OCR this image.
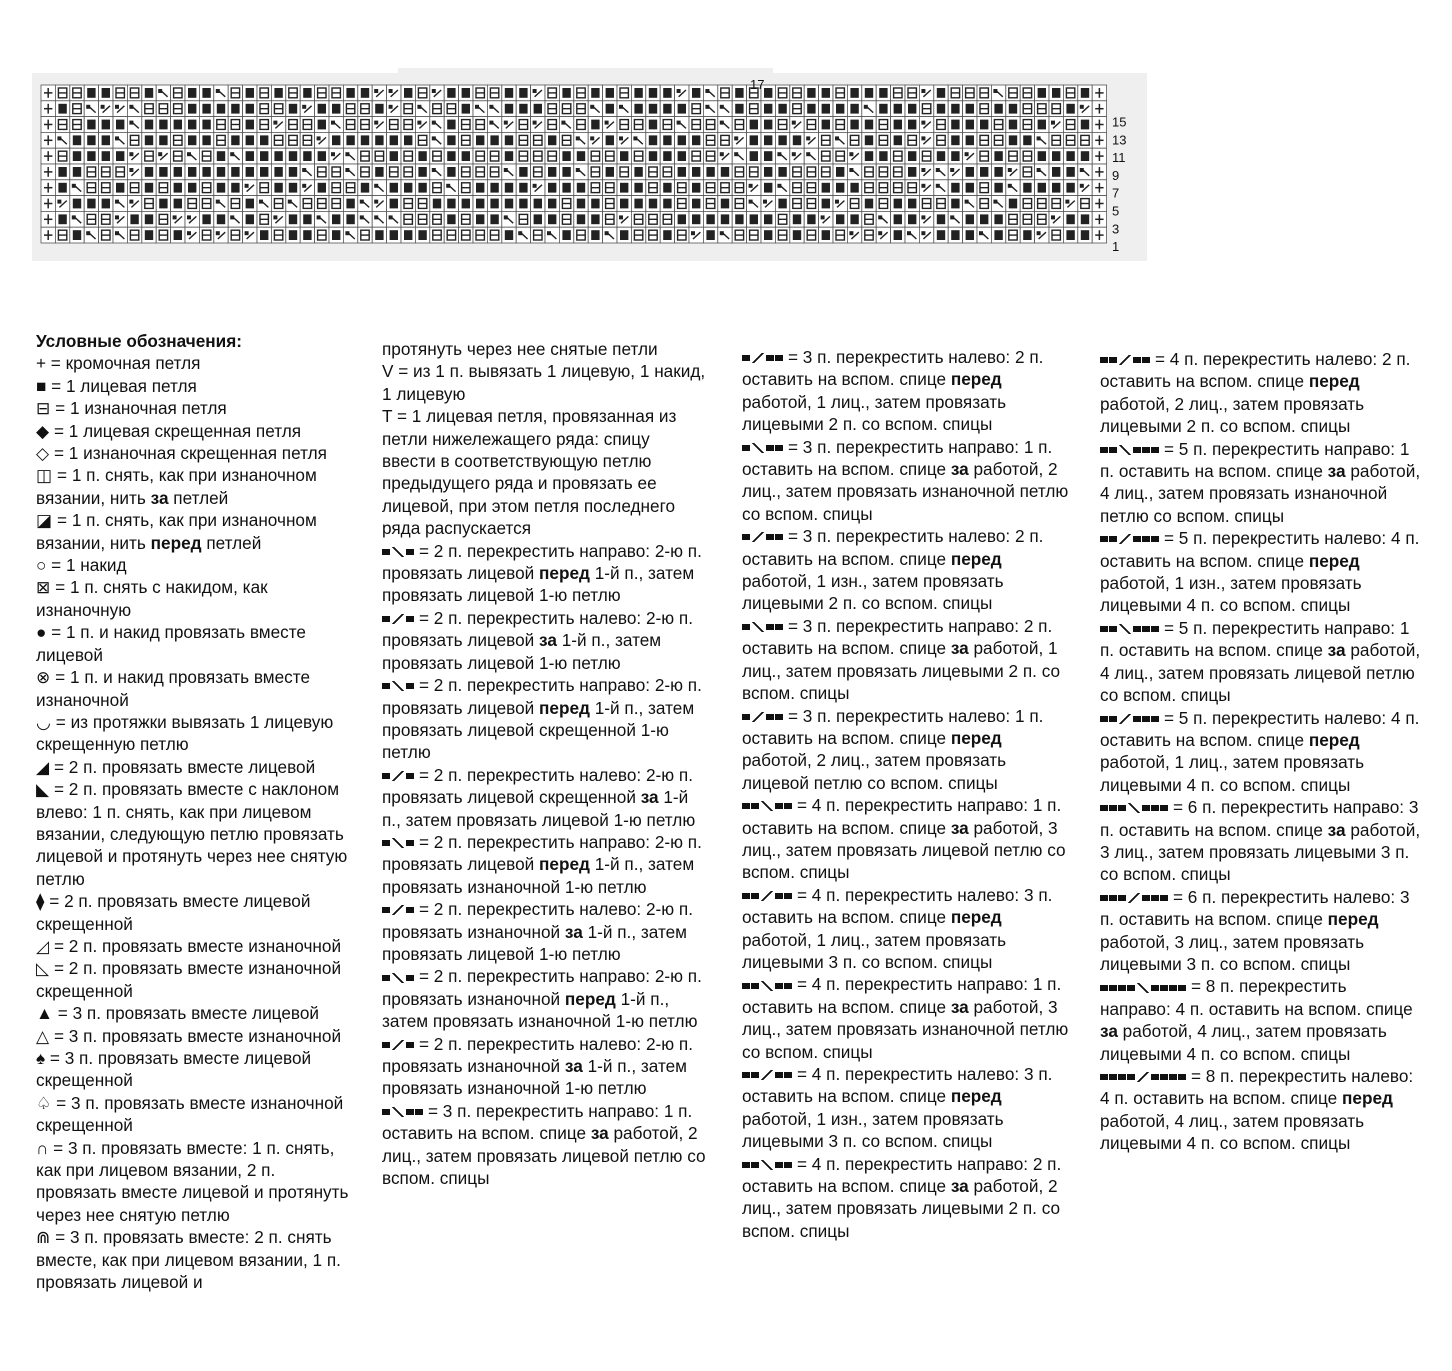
1
3
5
7
9
11
13
15
17
Условные обозначения:
+ = кромочная петля
■ = 1 лицевая петля
⊟ = 1 изнаночная петля
◆ = 1 лицевая скрещенная петля
◇ = 1 изнаночная скрещенная петля
◫ = 1 п. снять, как при изнаночном вязании, нить за петлей
◪ = 1 п. снять, как при изнаночном вязании, нить перед петлей
○ = 1 накид
⊠ = 1 п. снять с накидом, как изнаночную
● = 1 п. и накид провязать вместе лицевой
⊗ = 1 п. и накид провязать вместе изнаночной
◡ = из протяжки вывязать 1 лицевую скрещенную петлю
◢ = 2 п. провязать вместе лицевой
◣ = 2 п. провязать вместе с наклоном влево: 1 п. снять, как при лицевом вязании, следующую петлю провязать лицевой и протянуть через нее снятую петлю
⧫ = 2 п. провязать вместе лицевой скрещенной
◿ = 2 п. провязать вместе изнаночной
◺ = 2 п. провязать вместе изнаночной скрещенной
▲ = 3 п. провязать вместе лицевой
△ = 3 п. провязать вместе изнаночной
♠ = 3 п. провязать вместе лицевой скрещенной
♤ = 3 п. провязать вместе изнаночной скрещенной
∩ = 3 п. провязать вместе: 1 п. снять, как при лицевом вязании, 2 п. провязать вместе лицевой и протянуть через нее снятую петлю
⋒ = 3 п. провязать вместе: 2 п. снять вместе, как при лицевом вязании, 1 п. провязать лицевой и
протянуть через нее снятые петли
V = из 1 п. вывязать 1 лицевую, 1 накид, 1 лицевую
T = 1 лицевая петля, провязанная из петли нижележащего ряда: спицу ввести в соответствующую петлю предыдущего ряда и провязать ее лицевой, при этом петля последнего ряда распускается
= 2 п. перекрестить направо: 2-ю п. провязать лицевой перед 1-й п., затем провязать лицевой 1-ю петлю
= 2 п. перекрестить налево: 2-ю п. провязать лицевой за 1-й п., затем провязать лицевой 1-ю петлю
= 2 п. перекрестить направо: 2-ю п. провязать лицевой перед 1-й п., затем провязать лицевой скрещенной 1-ю петлю
= 2 п. перекрестить налево: 2-ю п. провязать лицевой скрещенной за 1-й п., затем провязать лицевой 1-ю петлю
= 2 п. перекрестить направо: 2-ю п. провязать лицевой перед 1-й п., затем провязать изнаночной 1-ю петлю
= 2 п. перекрестить налево: 2-ю п. провязать изнаночной за 1-й п., затем провязать лицевой 1-ю петлю
= 2 п. перекрестить направо: 2-ю п. провязать изнаночной перед 1-й п., затем провязать изнаночной 1-ю петлю
= 2 п. перекрестить налево: 2-ю п. провязать изнаночной за 1-й п., затем провязать изнаночной 1-ю петлю
= 3 п. перекрестить направо: 1 п. оставить на вспом. спице за работой, 2 лиц., затем провязать лицевой петлю со вспом. спицы
= 3 п. перекрестить налево: 2 п. оставить на вспом. спице перед работой, 1 лиц., затем провязать лицевыми 2 п. со вспом. спицы
= 3 п. перекрестить направо: 1 п. оставить на вспом. спице за работой, 2 лиц., затем провязать изнаночной петлю со вспом. спицы
= 3 п. перекрестить налево: 2 п. оставить на вспом. спице перед работой, 1 изн., затем провязать лицевыми 2 п. со вспом. спицы
= 3 п. перекрестить направо: 2 п. оставить на вспом. спице за работой, 1 лиц., затем провязать лицевыми 2 п. со вспом. спицы
= 3 п. перекрестить налево: 1 п. оставить на вспом. спице перед работой, 2 лиц., затем провязать лицевой петлю со вспом. спицы
= 4 п. перекрестить направо: 1 п. оставить на вспом. спице за работой, 3 лиц., затем провязать лицевой петлю со вспом. спицы
= 4 п. перекрестить налево: 3 п. оставить на вспом. спице перед работой, 1 лиц., затем провязать лицевыми 3 п. со вспом. спицы
= 4 п. перекрестить направо: 1 п. оставить на вспом. спице за работой, 3 лиц., затем провязать изнаночной петлю со вспом. спицы
= 4 п. перекрестить налево: 3 п. оставить на вспом. спице перед работой, 1 изн., затем провязать лицевыми 3 п. со вспом. спицы
= 4 п. перекрестить направо: 2 п. оставить на вспом. спице за работой, 2 лиц., затем провязать лицевыми 2 п. со вспом. спицы
= 4 п. перекрестить налево: 2 п. оставить на вспом. спице перед работой, 2 лиц., затем провязать лицевыми 2 п. со вспом. спицы
= 5 п. перекрестить направо: 1 п. оставить на вспом. спице за работой, 4 лиц., затем провязать изнаночной петлю со вспом. спицы
= 5 п. перекрестить налево: 4 п. оставить на вспом. спице перед работой, 1 изн., затем провязать лицевыми 4 п. со вспом. спицы
= 5 п. перекрестить направо: 1 п. оставить на вспом. спице за работой, 4 лиц., затем провязать лицевой петлю со вспом. спицы
= 5 п. перекрестить налево: 4 п. оставить на вспом. спице перед работой, 1 лиц., затем провязать лицевыми 4 п. со вспом. спицы
= 6 п. перекрестить направо: 3 п. оставить на вспом. спице за работой, 3 лиц., затем провязать лицевыми 3 п. со вспом. спицы
= 6 п. перекрестить налево: 3 п. оставить на вспом. спице перед работой, 3 лиц., затем провязать лицевыми 3 п. со вспом. спицы
= 8 п. перекрестить направо: 4 п. оставить на вспом. спице за работой, 4 лиц., затем провязать лицевыми 4 п. со вспом. спицы
= 8 п. перекрестить налево: 4 п. оставить на вспом. спице перед работой, 4 лиц., затем провязать лицевыми 4 п. со вспом. спицы
